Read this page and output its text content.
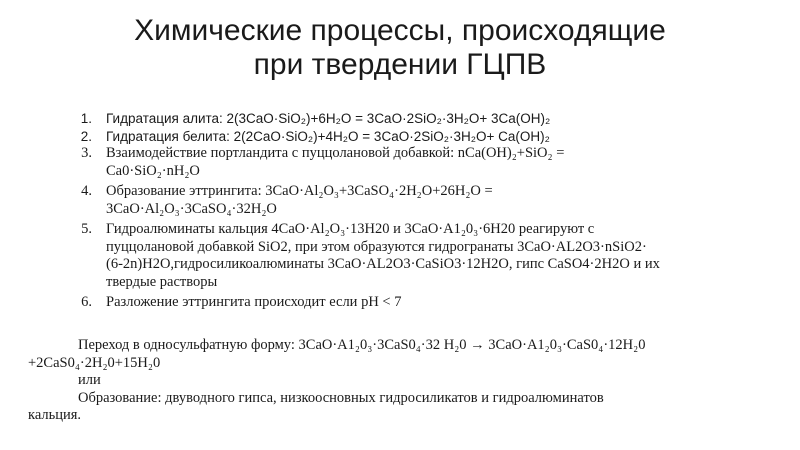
Химические процессы, происходящие
при твердении ГЦПВ
1. Гидратация алита: 2(3CaO·SiO₂)+6H₂O = 3CaO·2SiO₂·3H₂O+ 3Ca(OH)₂
2. Гидратация белита: 2(2CaO·SiO₂)+4H₂O = 3CaO·2SiO₂·3H₂O+ Ca(OH)₂
3. Взаимодействие портландита с пуццолановой добавкой: nCa(OH)₂+SiO₂ =
Ca0·SiO₂·nH₂O
4. Образование эттрингита: 3CaO·Al₂O₃+3CaSO₄·2H₂O+26H₂O =
3CaO·Al₂O₃·3CaSO₄·32H₂O
5. Гидроалюминаты кальция 4CaO·Al₂O₃·13H20 и 3CaO·A1₂0₃·6H20 реагируют с
пуццолановой добавкой SiO2, при этом образуются гидрогранаты 3CaO·AL2O3·nSiO2·
(6-2n)H2O,гидросиликоалюминаты 3CaO·AL2O3·CaSiO3·12H2O, гипс CaSO4·2H2O и их
твердые растворы
6. Разложение эттрингита происходит если pH < 7
Переход в односульфатную форму: 3CaO·A1₂0₃·3CaS0₄·32 H₂0 → 3CaO·A1₂0₃·CaS0₄·12H₂0
+2CaS0₄·2H₂0+15H₂0
или
Образование: двуводного гипса, низкоосновных гидросиликатов и гидроалюминатов
кальция.
